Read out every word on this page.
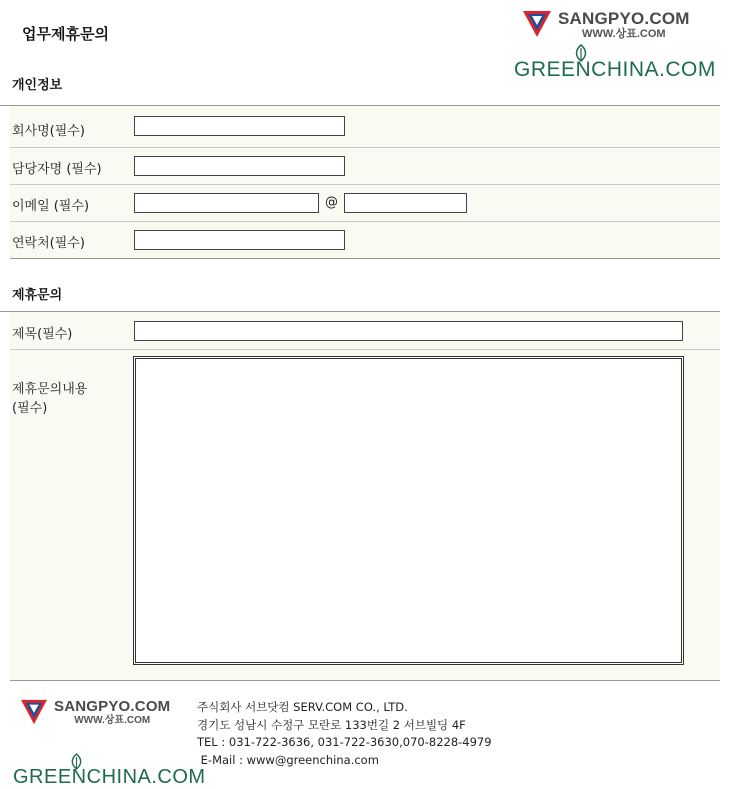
업무제휴문의
SANGPYO.COM
WWW.상표.COM
GREENCHINA.COM
개인정보
회사명(필수)
담당자명 (필수)
이메일 (필수)	@
연락처(필수)
제휴문의
제목(필수)
제휴문의내용
(필수)
SANGPYO.COM
WWW.상표.COM
GREENCHINA.COM
주식회사 서브닷컴 SERV.COM CO., LTD.
경기도 성남시 수정구 모란로 133번길 2 서브빌딩 4F
TEL : 031-722-3636, 031-722-3630,070-8228-4979
E-Mail : www@greenchina.com
